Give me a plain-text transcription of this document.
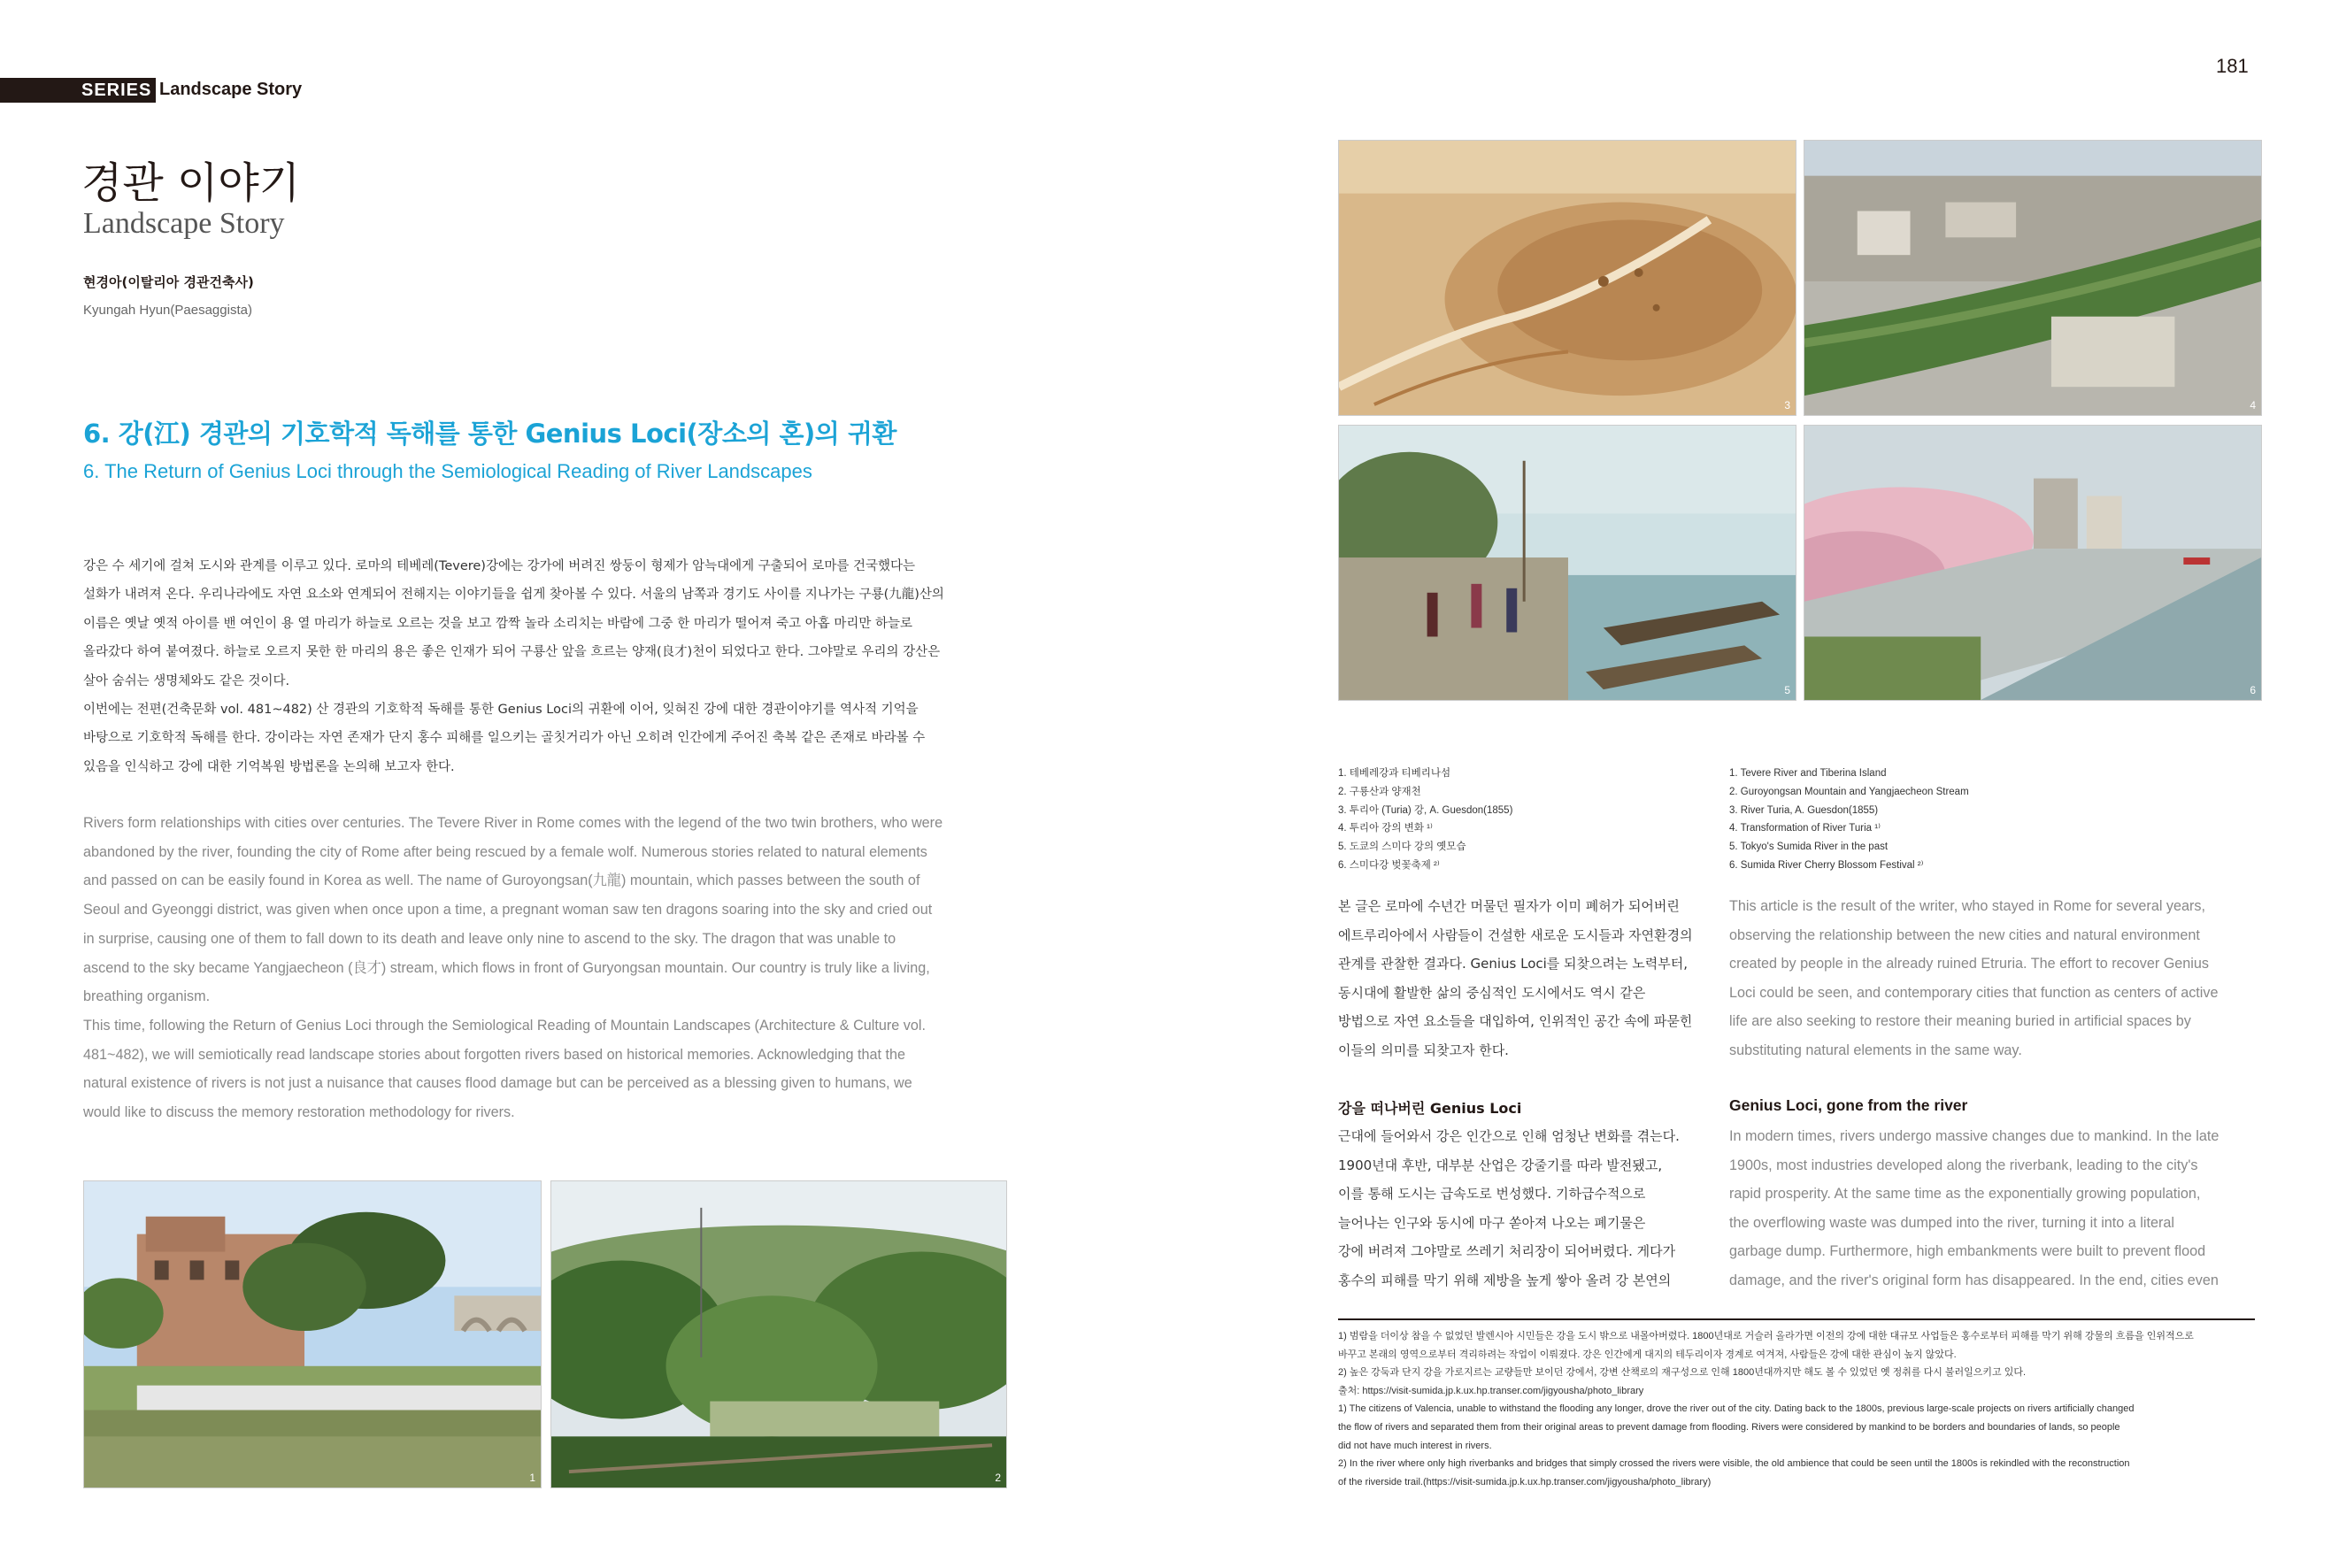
SERIES Landscape Story
181
경관 이야기
Landscape Story
현경아(이탈리아 경관건축사)
Kyungah Hyun(Paesaggista)
6. 강(江) 경관의 기호학적 독해를 통한 Genius Loci(장소의 혼)의 귀환
6. The Return of Genius Loci through the Semiological Reading of River Landscapes

강은 수 세기에 걸쳐 도시와 관계를 이루고 있다. 로마의 테베레(Tevere)강에는 강가에 버려진 쌍둥이 형제가 암늑대에게 구출되어 로마를 건국했다는
설화가 내려져 온다. 우리나라에도 자연 요소와 연계되어 전해지는 이야기들을 쉽게 찾아볼 수 있다. 서울의 남쪽과 경기도 사이를 지나가는 구룡(九龍)산의
이름은 옛날 옛적 아이를 밴 여인이 용 열 마리가 하늘로 오르는 것을 보고 깜짝 놀라 소리치는 바람에 그중 한 마리가 떨어져 죽고 아홉 마리만 하늘로
올라갔다 하여 붙여졌다. 하늘로 오르지 못한 한 마리의 용은 좋은 인재가 되어 구룡산 앞을 흐르는 양재(良才)천이 되었다고 한다. 그야말로 우리의 강산은
살아 숨쉬는 생명체와도 같은 것이다.

이번에는 전편(건축문화 vol. 481~482) 산 경관의 기호학적 독해를 통한 Genius Loci의 귀환에 이어, 잊혀진 강에 대한 경관이야기를 역사적 기억을
바탕으로 기호학적 독해를 한다. 강이라는 자연 존재가 단지 홍수 피해를 일으키는 골칫거리가 아닌 오히려 인간에게 주어진 축복 같은 존재로 바라볼 수
있음을 인식하고 강에 대한 기억복원 방법론을 논의해 보고자 한다.

Rivers form relationships with cities over centuries. The Tevere River in Rome comes with the legend of the two twin brothers, who were
abandoned by the river, founding the city of Rome after being rescued by a female wolf. Numerous stories related to natural elements
and passed on can be easily found in Korea as well. The name of Guroyongsan(九龍) mountain, which passes between the south of
Seoul and Gyeonggi district, was given when once upon a time, a pregnant woman saw ten dragons soaring into the sky and cried out
in surprise, causing one of them to fall down to its death and leave only nine to ascend to the sky. The dragon that was unable to
ascend to the sky became Yangjaecheon (良才) stream, which flows in front of Guryongsan mountain. Our country is truly like a living,
breathing organism.

This time, following the Return of Genius Loci through the Semiological Reading of Mountain Landscapes (Architecture & Culture vol.
481~482), we will semiotically read landscape stories about forgotten rivers based on historical memories. Acknowledging that the
natural existence of rivers is not just a nuisance that causes flood damage but can be perceived as a blessing given to humans, we
would like to discuss the memory restoration methodology for rivers.

1	2
3	4
5	6
1. 테베레강과 티베리나섬
2. 구룡산과 양재천
3. 투리아 (Turia) 강, A. Guesdon(1855)
4. 투리아 강의 변화 ¹⁾
5. 도쿄의 스미다 강의 옛모습
6. 스미다강 벚꽃축제 ²⁾
1. Tevere River and Tiberina Island
2. Guroyongsan Mountain and Yangjaecheon Stream
3. River Turia, A. Guesdon(1855)
4. Transformation of River Turia ¹⁾
5. Tokyo's Sumida River in the past
6. Sumida River Cherry Blossom Festival ²⁾

본 글은 로마에 수년간 머물던 필자가 이미 폐허가 되어버린
에트루리아에서 사람들이 건설한 새로운 도시들과 자연환경의
관계를 관찰한 결과다. Genius Loci를 되찾으려는 노력부터,
동시대에 활발한 삶의 중심적인 도시에서도 역시 같은
방법으로 자연 요소들을 대입하여, 인위적인 공간 속에 파묻힌
이들의 의미를 되찾고자 한다.

This article is the result of the writer, who stayed in Rome for several years,
observing the relationship between the new cities and natural environment
created by people in the already ruined Etruria. The effort to recover Genius
Loci could be seen, and contemporary cities that function as centers of active
life are also seeking to restore their meaning buried in artificial spaces by
substituting natural elements in the same way.

강을 떠나버린 Genius Loci	Genius Loci, gone from the river

근대에 들어와서 강은 인간으로 인해 엄청난 변화를 겪는다.
1900년대 후반, 대부분 산업은 강줄기를 따라 발전됐고,
이를 통해 도시는 급속도로 번성했다. 기하급수적으로
늘어나는 인구와 동시에 마구 쏟아져 나오는 폐기물은
강에 버려져 그야말로 쓰레기 처리장이 되어버렸다. 게다가
홍수의 피해를 막기 위해 제방을 높게 쌓아 올려 강 본연의

In modern times, rivers undergo massive changes due to mankind. In the late
1900s, most industries developed along the riverbank, leading to the city's
rapid prosperity. At the same time as the exponentially growing population,
the overflowing waste was dumped into the river, turning it into a literal
garbage dump. Furthermore, high embankments were built to prevent flood
damage, and the river's original form has disappeared. In the end, cities even

1) 범람을 더이상 참을 수 없었던 발렌시아 시민들은 강을 도시 밖으로 내몰아버렸다. 1800년대로 거슬러 올라가면 이전의 강에 대한 대규모 사업들은 홍수로부터 피해를 막기 위해 강물의 흐름을 인위적으로
바꾸고 본래의 영역으로부터 격리하려는 작업이 이뤄졌다. 강은 인간에게 대지의 테두리이자 경계로 여겨져, 사람들은 강에 대한 관심이 높지 않았다.

2) 높은 강둑과 단지 강을 가로지르는 교량들만 보이던 강에서, 강변 산책로의 재구성으로 인해 1800년대까지만 해도 볼 수 있었던 옛 정취를 다시 불러일으키고 있다.

출처: https://visit-sumida.jp.k.ux.hp.transer.com/jigyousha/photo_library

1) The citizens of Valencia, unable to withstand the flooding any longer, drove the river out of the city. Dating back to the 1800s, previous large-scale projects on rivers artificially changed
the flow of rivers and separated them from their original areas to prevent damage from flooding. Rivers were considered by mankind to be borders and boundaries of lands, so people
did not have much interest in rivers.

2) In the river where only high riverbanks and bridges that simply crossed the rivers were visible, the old ambience that could be seen until the 1800s is rekindled with the reconstruction
of the riverside trail.(https://visit-sumida.jp.k.ux.hp.transer.com/jigyousha/photo_library)
